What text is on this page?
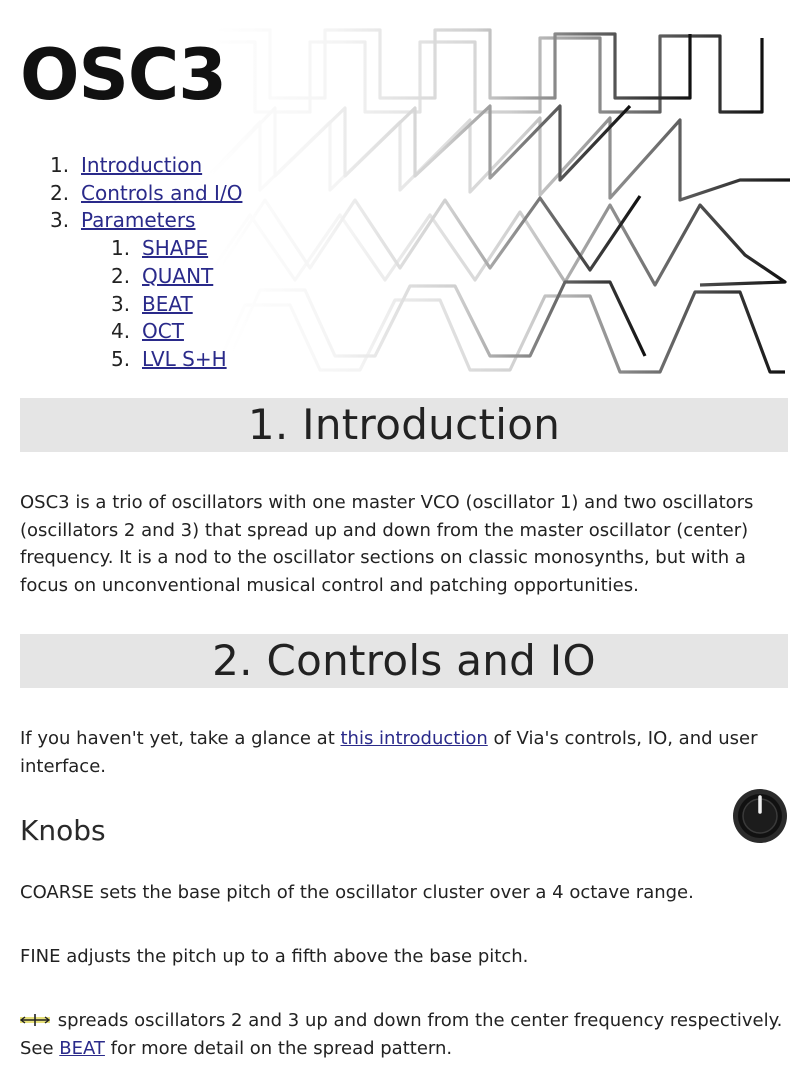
OSC3
1. Introduction
2. Controls and I/O
3. Parameters
1. SHAPE
2. QUANT
3. BEAT
4. OCT
5. LVL S+H
1. Introduction

OSC3 is a trio of oscillators with one master VCO (oscillator 1) and two oscillators (oscillators 2 and 3) that spread up and down from the master oscillator (center) frequency. It is a nod to the oscillator sections on classic monosynths, but with a focus on unconventional musical control and patching opportunities.

2. Controls and IO

If you haven't yet, take a glance at this introduction of Via's controls, IO, and user interface.

Knobs

COARSE sets the base pitch of the oscillator cluster over a 4 octave range.

FINE adjusts the pitch up to a fifth above the base pitch.

spreads oscillators 2 and 3 up and down from the center frequency respectively. See BEAT for more detail on the spread pattern.
